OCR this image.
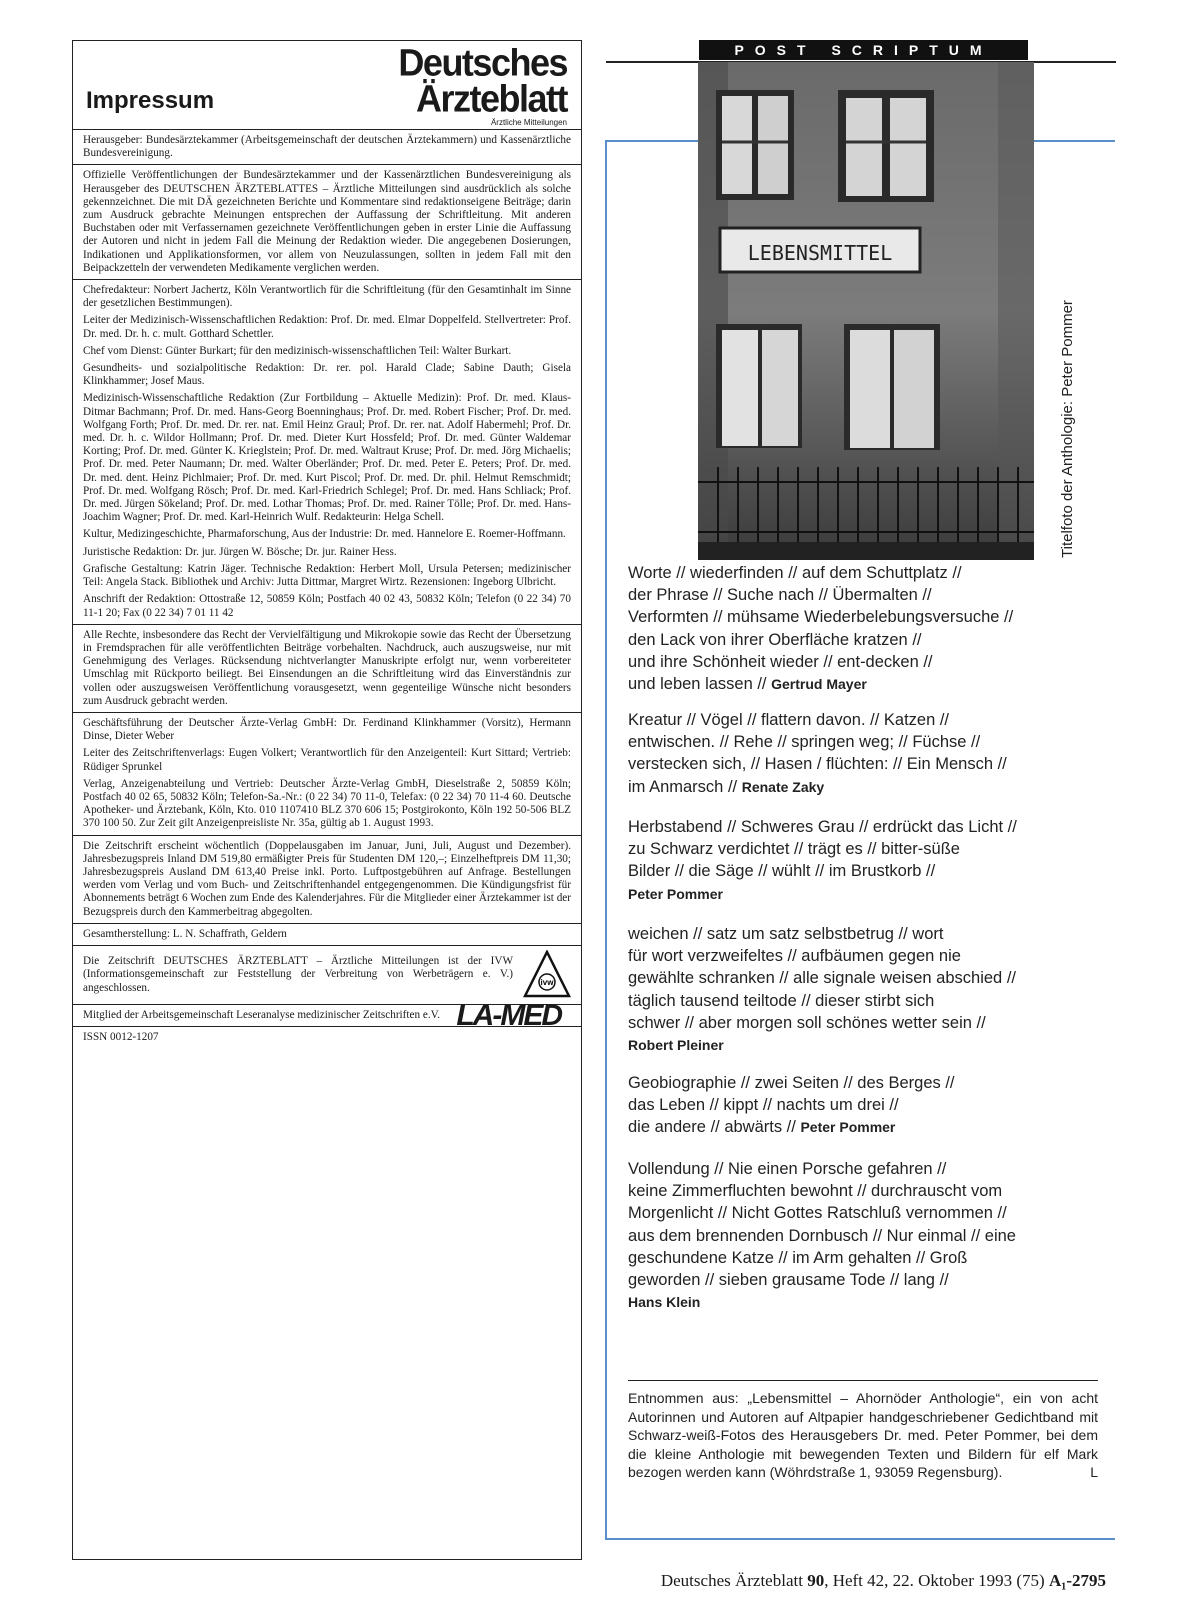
Impressum
Deutsches
Ärzteblatt
Ärztliche Mitteilungen

Herausgeber: Bundesärztekammer (Arbeitsgemeinschaft der deutschen Ärztekammern) und Kassenärztliche Bundesvereinigung.

Offizielle Veröffentlichungen der Bundesärztekammer und der Kassenärztlichen Bundesvereinigung als Herausgeber des DEUTSCHEN ÄRZTEBLATTES – Ärztliche Mitteilungen sind ausdrücklich als solche gekennzeichnet. Die mit DÄ gezeichneten Berichte und Kommentare sind redaktionseigene Beiträge; darin zum Ausdruck gebrachte Meinungen entsprechen der Auffassung der Schriftleitung. Mit anderen Buchstaben oder mit Verfassernamen gezeichnete Veröffentlichungen geben in erster Linie die Auffassung der Autoren und nicht in jedem Fall die Meinung der Redaktion wieder. Die angegebenen Dosierungen, Indikationen und Applikationsformen, vor allem von Neuzulassungen, sollten in jedem Fall mit den Beipackzetteln der verwendeten Medikamente verglichen werden.

Chefredakteur: Norbert Jachertz, Köln Verantwortlich für die Schriftleitung (für den Gesamtinhalt im Sinne der gesetzlichen Bestimmungen).

Leiter der Medizinisch-Wissenschaftlichen Redaktion: Prof. Dr. med. Elmar Doppelfeld. Stellvertreter: Prof. Dr. med. Dr. h. c. mult. Gotthard Schettler.

Chef vom Dienst: Günter Burkart; für den medizinisch-wissenschaftlichen Teil: Walter Burkart.

Gesundheits- und sozialpolitische Redaktion: Dr. rer. pol. Harald Clade; Sabine Dauth; Gisela Klinkhammer; Josef Maus.

Medizinisch-Wissenschaftliche Redaktion (Zur Fortbildung – Aktuelle Medizin): Prof. Dr. med. Klaus-Ditmar Bachmann; Prof. Dr. med. Hans-Georg Boenninghaus; Prof. Dr. med. Robert Fischer; Prof. Dr. med. Wolfgang Forth; Prof. Dr. med. Dr. rer. nat. Emil Heinz Graul; Prof. Dr. rer. nat. Adolf Habermehl; Prof. Dr. med. Dr. h. c. Wildor Hollmann; Prof. Dr. med. Dieter Kurt Hossfeld; Prof. Dr. med. Günter Waldemar Korting; Prof. Dr. med. Günter K. Krieglstein; Prof. Dr. med. Waltraut Kruse; Prof. Dr. med. Jörg Michaelis; Prof. Dr. med. Peter Naumann; Dr. med. Walter Oberländer; Prof. Dr. med. Peter E. Peters; Prof. Dr. med. Dr. med. dent. Heinz Pichlmaier; Prof. Dr. med. Kurt Piscol; Prof. Dr. med. Dr. phil. Helmut Remschmidt; Prof. Dr. med. Wolfgang Rösch; Prof. Dr. med. Karl-Friedrich Schlegel; Prof. Dr. med. Hans Schliack; Prof. Dr. med. Jürgen Sökeland; Prof. Dr. med. Lothar Thomas; Prof. Dr. med. Rainer Tölle; Prof. Dr. med. Hans-Joachim Wagner; Prof. Dr. med. Karl-Heinrich Wulf. Redakteurin: Helga Schell.

Kultur, Medizingeschichte, Pharmaforschung, Aus der Industrie: Dr. med. Hannelore E. Roemer-Hoffmann.

Juristische Redaktion: Dr. jur. Jürgen W. Bösche; Dr. jur. Rainer Hess.

Grafische Gestaltung: Katrin Jäger. Technische Redaktion: Herbert Moll, Ursula Petersen; medizinischer Teil: Angela Stack. Bibliothek und Archiv: Jutta Dittmar, Margret Wirtz. Rezensionen: Ingeborg Ulbricht.

Anschrift der Redaktion: Ottostraße 12, 50859 Köln; Postfach 40 02 43, 50832 Köln; Telefon (0 22 34) 70 11-1 20; Fax (0 22 34) 7 01 11 42

Alle Rechte, insbesondere das Recht der Vervielfältigung und Mikrokopie sowie das Recht der Übersetzung in Fremdsprachen für alle veröffentlichten Beiträge vorbehalten. Nachdruck, auch auszugsweise, nur mit Genehmigung des Verlages. Rücksendung nichtverlangter Manuskripte erfolgt nur, wenn vorbereiteter Umschlag mit Rückporto beiliegt. Bei Einsendungen an die Schriftleitung wird das Einverständnis zur vollen oder auszugsweisen Veröffentlichung vorausgesetzt, wenn gegenteilige Wünsche nicht besonders zum Ausdruck gebracht werden.

Geschäftsführung der Deutscher Ärzte-Verlag GmbH: Dr. Ferdinand Klinkhammer (Vorsitz), Hermann Dinse, Dieter Weber

Leiter des Zeitschriftenverlags: Eugen Volkert; Verantwortlich für den Anzeigenteil: Kurt Sittard; Vertrieb: Rüdiger Sprunkel

Verlag, Anzeigenabteilung und Vertrieb: Deutscher Ärzte-Verlag GmbH, Dieselstraße 2, 50859 Köln; Postfach 40 02 65, 50832 Köln; Telefon-Sa.-Nr.: (0 22 34) 70 11-0, Telefax: (0 22 34) 70 11-4 60. Deutsche Apotheker- und Ärztebank, Köln, Kto. 010 1107410 BLZ 370 606 15; Postgirokonto, Köln 192 50-506 BLZ 370 100 50. Zur Zeit gilt Anzeigenpreisliste Nr. 35a, gültig ab 1. August 1993.

Die Zeitschrift erscheint wöchentlich (Doppelausgaben im Januar, Juni, Juli, August und Dezember). Jahresbezugspreis Inland DM 519,80 ermäßigter Preis für Studenten DM 120,–; Einzelheftpreis DM 11,30; Jahresbezugspreis Ausland DM 613,40 Preise inkl. Porto. Luftpostgebühren auf Anfrage. Bestellungen werden vom Verlag und vom Buch- und Zeitschriftenhandel entgegengenommen. Die Kündigungsfrist für Abonnements beträgt 6 Wochen zum Ende des Kalenderjahres. Für die Mitglieder einer Ärztekammer ist der Bezugspreis durch den Kammerbeitrag abgegolten.

Gesamtherstellung: L. N. Schaffrath, Geldern

Die Zeitschrift DEUTSCHES ÄRZTEBLATT – Ärztliche Mitteilungen ist der IVW (Informationsgemeinschaft zur Feststellung der Verbreitung von Werbeträgern e. V.) angeschlossen.	ivw
Mitglied der Arbeitsgemeinschaft Leseranalyse medizinischer Zeitschriften e.V. LA-MED

ISSN 0012-1207

POST SCRIPTUM
LEBENSMITTEL
Titelfoto der Anthologie: Peter Pommer
Worte // wiederfinden // auf dem Schuttplatz //
der Phrase // Suche nach // Übermalten //
Verformten // mühsame Wiederbelebungsversuche //
den Lack von ihrer Oberfläche kratzen //
und ihre Schönheit wieder // ent-decken //
und leben lassen // Gertrud Mayer
Kreatur // Vögel // flattern davon. // Katzen //
entwischen. // Rehe // springen weg; // Füchse //
verstecken sich, // Hasen / flüchten: // Ein Mensch //
im Anmarsch // Renate Zaky
Herbstabend // Schweres Grau // erdrückt das Licht //
zu Schwarz verdichtet // trägt es // bitter-süße
Bilder // die Säge // wühlt // im Brustkorb //
Peter Pommer
weichen // satz um satz selbstbetrug // wort
für wort verzweifeltes // aufbäumen gegen nie
gewählte schranken // alle signale weisen abschied //
täglich tausend teiltode // dieser stirbt sich
schwer // aber morgen soll schönes wetter sein //
Robert Pleiner
Geobiographie // zwei Seiten // des Berges //
das Leben // kippt // nachts um drei //
die andere // abwärts // Peter Pommer
Vollendung // Nie einen Porsche gefahren //
keine Zimmerfluchten bewohnt // durchrauscht vom
Morgenlicht // Nicht Gottes Ratschluß vernommen //
aus dem brennenden Dornbusch // Nur einmal // eine
geschundene Katze // im Arm gehalten // Groß
geworden // sieben grausame Tode // lang //
Hans Klein
Entnommen aus: „Lebensmittel – Ahornöder Anthologie“, ein von acht Autorinnen und Autoren auf Altpapier handgeschriebener Gedichtband mit Schwarz-weiß-Fotos des Herausgebers Dr. med. Peter Pommer, bei dem die kleine Anthologie mit bewegenden Texten und Bildern für elf Mark bezogen werden kann (Wöhrdstraße 1, 93059 Regensburg).	L
Deutsches Ärzteblatt 90, Heft 42, 22. Oktober 1993 (75) A₁-2795
